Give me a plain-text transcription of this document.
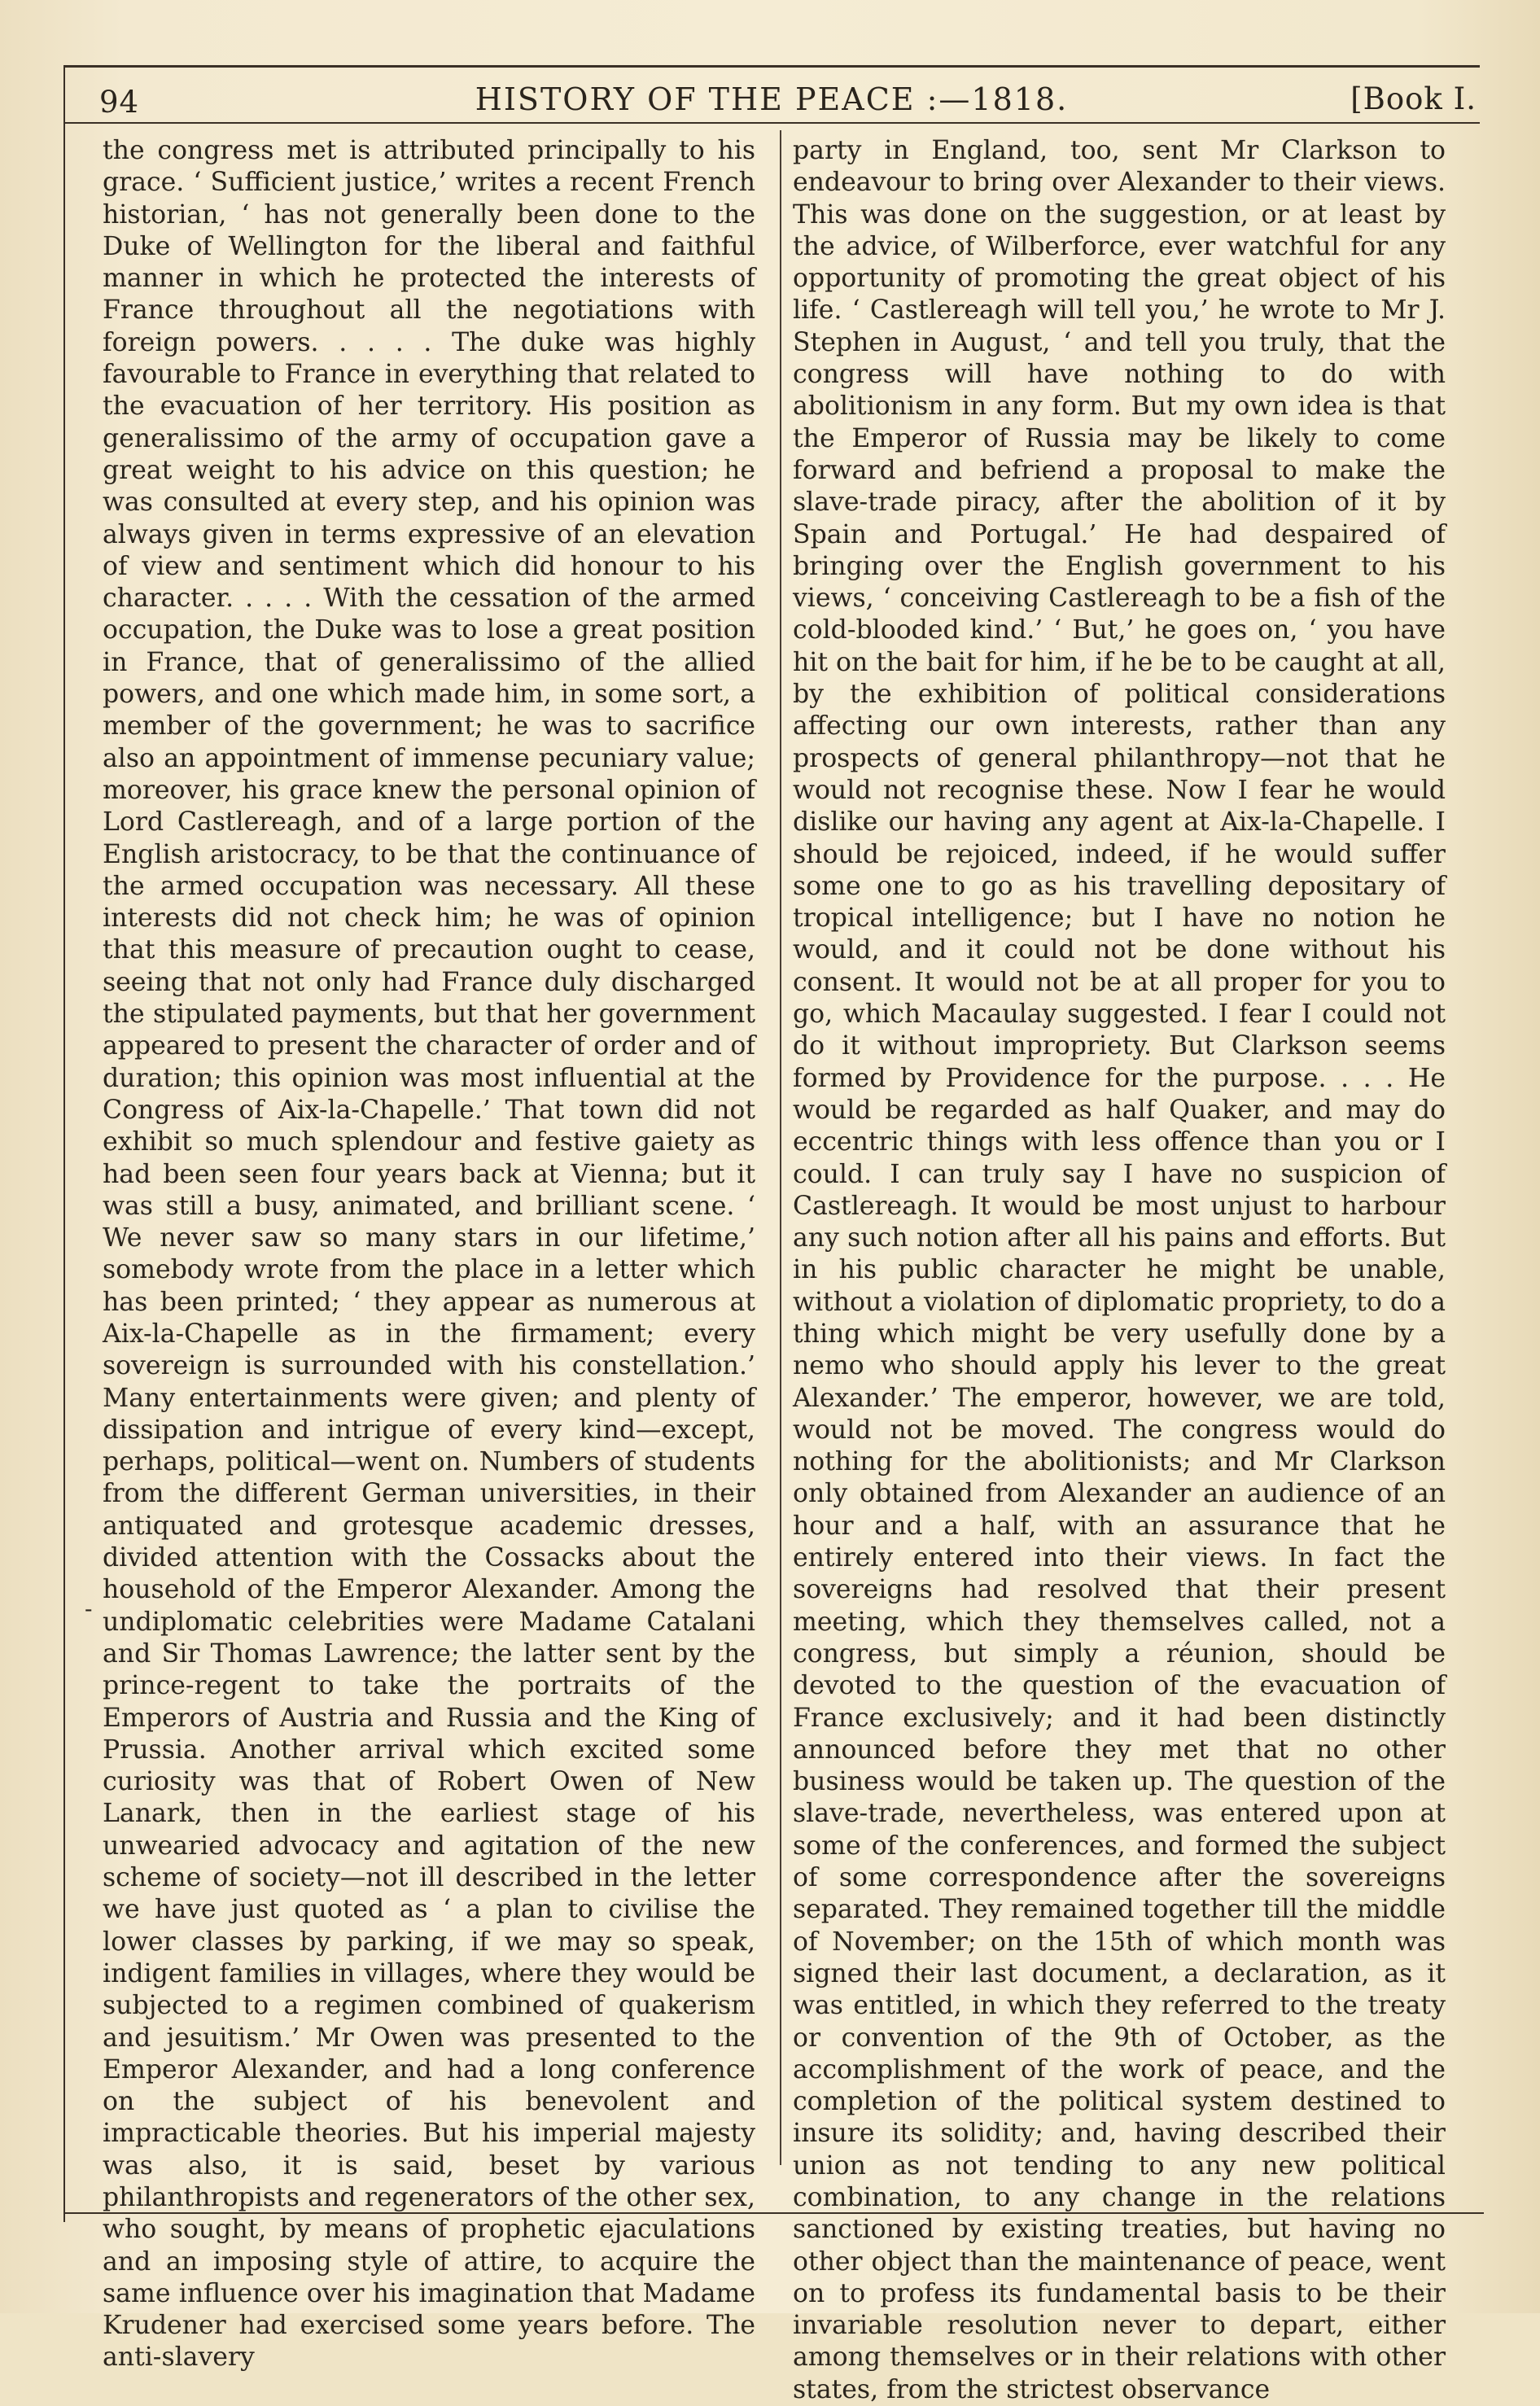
94	HISTORY OF THE PEACE :—1818.	[Book I.
-

the congress met is attributed principally to his grace. ‘ Sufficient justice,’ writes a recent French historian, ‘ has not generally been done to the Duke of Wellington for the liberal and faithful manner in which he protected the interests of France throughout all the negotiations with foreign powers. . . . . The duke was highly favourable to France in everything that related to the evacuation of her territory. His position as generalissimo of the army of occupation gave a great weight to his advice on this question; he was consulted at every step, and his opinion was always given in terms expressive of an elevation of view and sentiment which did honour to his character. . . . . With the cessation of the armed occupation, the Duke was to lose a great position in France, that of generalissimo of the allied powers, and one which made him, in some sort, a member of the government; he was to sacrifice also an appointment of immense pecuniary value; moreover, his grace knew the personal opinion of Lord Castlereagh, and of a large portion of the English aristocracy, to be that the continuance of the armed occupation was necessary. All these interests did not check him; he was of opinion that this measure of precaution ought to cease, seeing that not only had France duly discharged the stipulated payments, but that her government appeared to present the character of order and of duration; this opinion was most influential at the Congress of Aix-la-Chapelle.’ That town did not exhibit so much splendour and festive gaiety as had been seen four years back at Vienna; but it was still a busy, animated, and brilliant scene. ‘ We never saw so many stars in our lifetime,’ somebody wrote from the place in a letter which has been printed; ‘ they appear as numerous at Aix-la-Chapelle as in the firmament; every sovereign is surrounded with his constellation.’ Many entertainments were given; and plenty of dissipation and intrigue of every kind—except, perhaps, political—went on. Numbers of students from the different German universities, in their antiquated and grotesque academic dresses, divided attention with the Cossacks about the household of the Emperor Alexander. Among the undiplomatic celebrities were Madame Catalani and Sir Thomas Lawrence; the latter sent by the prince-regent to take the portraits of the Emperors of Austria and Russia and the King of Prussia. Another arrival which excited some curiosity was that of Robert Owen of New Lanark, then in the earliest stage of his unwearied advocacy and agitation of the new scheme of society—not ill described in the letter we have just quoted as ‘ a plan to civilise the lower classes by parking, if we may so speak, indigent families in villages, where they would be subjected to a regimen combined of quakerism and jesuitism.’ Mr Owen was presented to the Emperor Alexander, and had a long conference on the subject of his benevolent and impracticable theories. But his imperial majesty was also, it is said, beset by various philanthropists and regenerators of the other sex, who sought, by means of prophetic ejaculations and an imposing style of attire, to acquire the same influence over his imagination that Madame Krudener had exercised some years before. The anti-slavery

party in England, too, sent Mr Clarkson to endeavour to bring over Alexander to their views. This was done on the suggestion, or at least by the advice, of Wilberforce, ever watchful for any opportunity of promoting the great object of his life. ‘ Castlereagh will tell you,’ he wrote to Mr J. Stephen in August, ‘ and tell you truly, that the congress will have nothing to do with abolitionism in any form. But my own idea is that the Emperor of Russia may be likely to come forward and befriend a proposal to make the slave-trade piracy, after the abolition of it by Spain and Portugal.’ He had despaired of bringing over the English government to his views, ‘ conceiving Castlereagh to be a fish of the cold-blooded kind.’ ‘ But,’ he goes on, ‘ you have hit on the bait for him, if he be to be caught at all, by the exhibition of political considerations affecting our own interests, rather than any prospects of general philanthropy—not that he would not recognise these. Now I fear he would dislike our having any agent at Aix-la-Chapelle. I should be rejoiced, indeed, if he would suffer some one to go as his travelling depositary of tropical intelligence; but I have no notion he would, and it could not be done without his consent. It would not be at all proper for you to go, which Macaulay suggested. I fear I could not do it without impropriety. But Clarkson seems formed by Providence for the purpose. . . . He would be regarded as half Quaker, and may do eccentric things with less offence than you or I could. I can truly say I have no suspicion of Castlereagh. It would be most unjust to harbour any such notion after all his pains and efforts. But in his public character he might be unable, without a violation of diplomatic propriety, to do a thing which might be very usefully done by a nemo who should apply his lever to the great Alexander.’ The emperor, however, we are told, would not be moved. The congress would do nothing for the abolitionists; and Mr Clarkson only obtained from Alexander an audience of an hour and a half, with an assurance that he entirely entered into their views. In fact the sovereigns had resolved that their present meeting, which they themselves called, not a congress, but simply a réunion, should be devoted to the question of the evacuation of France exclusively; and it had been distinctly announced before they met that no other business would be taken up. The question of the slave-trade, nevertheless, was entered upon at some of the conferences, and formed the subject of some correspondence after the sovereigns separated. They remained together till the middle of November; on the 15th of which month was signed their last document, a declaration, as it was entitled, in which they referred to the treaty or convention of the 9th of October, as the accomplishment of the work of peace, and the completion of the political system destined to insure its solidity; and, having described their union as not tending to any new political combination, to any change in the relations sanctioned by existing treaties, but having no other object than the maintenance of peace, went on to profess its fundamental basis to be their invariable resolution never to depart, either among themselves or in their relations with other states, from the strictest observance
